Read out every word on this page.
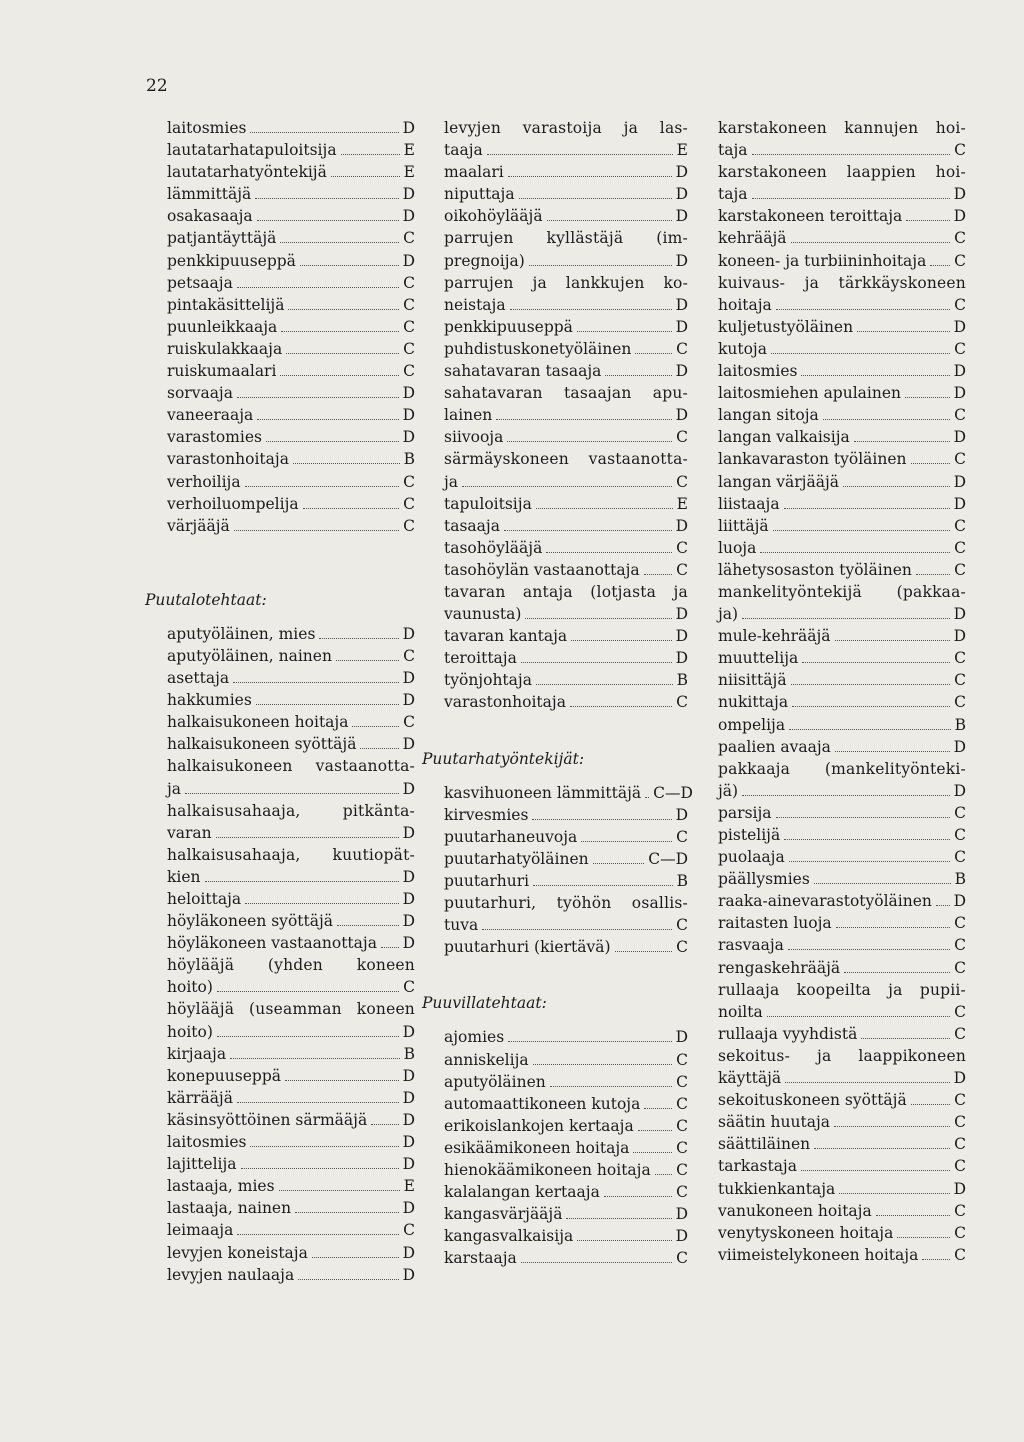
22
laitosmies	D
lautatarhatapuloitsija	E
lautatarhatyöntekijä	E
lämmittäjä	D
osakasaaja	D
patjantäyttäjä	C
penkkipuuseppä	D
petsaaja	C
pintakäsittelijä	C
puunleikkaaja	C
ruiskulakkaaja	C
ruiskumaalari	C
sorvaaja	D
vaneeraaja	D
varastomies	D
varastonhoitaja	B
verhoilija	C
verhoiluompelija	C
värjääjä	C
Puutalotehtaat:
aputyöläinen, mies	D
aputyöläinen, nainen	C
asettaja	D
hakkumies	D
halkaisukoneen hoitaja	C
halkaisukoneen syöttäjä	D
halkaisukoneen vastaanotta-
ja	D
halkaisusahaaja, pitkänta-
varan	D
halkaisusahaaja, kuutiopät-
kien	D
heloittaja	D
höyläkoneen syöttäjä	D
höyläkoneen vastaanottaja D
höylääjä (yhden koneen
hoito)	C
höylääjä (useamman koneen
hoito)	D
kirjaaja	B
konepuuseppä	D
kärrääjä	D
käsinsyöttöinen särmääjä D
laitosmies	D
lajittelija	D
lastaaja, mies	E
lastaaja, nainen	D
leimaaja	C
levyjen koneistaja	D
levyjen naulaaja	D
levyjen varastoija ja las-
taaja	E
maalari	D
niputtaja	D
oikohöylääjä	D
parrujen kyllästäjä (im-
pregnoija)	D
parrujen ja lankkujen ko-
neistaja	D
penkkipuuseppä	D
puhdistuskonetyöläinen	C
sahatavaran tasaaja	D
sahatavaran tasaajan apu-
lainen	D
siivooja	C
särmäyskoneen vastaanotta-
ja	C
tapuloitsija	E
tasaaja	D
tasohöylääjä	C
tasohöylän vastaanottaja C
tavaran antaja (lotjasta ja
vaunusta)	D
tavaran kantaja	D
teroittaja	D
työnjohtaja	B
varastonhoitaja	C
Puutarhatyöntekijät:
kasvihuoneen lämmittäjä C—D
kirvesmies	D
puutarhaneuvoja	C
puutarhatyöläinen	C—D
puutarhuri	B
puutarhuri, työhön osallis-
tuva	C
puutarhuri (kiertävä)	C
Puuvillatehtaat:
ajomies	D
anniskelija	C
aputyöläinen	C
automaattikoneen kutoja C
erikoislankojen kertaaja	C
esikäämikoneen hoitaja	C
hienokäämikoneen hoitaja C
kalalangan kertaaja	C
kangasvärjääjä	D
kangasvalkaisija	D
karstaaja	C
karstakoneen kannujen hoi-
taja	C
karstakoneen laappien hoi-
taja	D
karstakoneen teroittaja	D
kehrääjä	C
koneen- ja turbiininhoitaja C
kuivaus- ja tärkkäyskoneen
hoitaja	C
kuljetustyöläinen	D
kutoja	C
laitosmies	D
laitosmiehen apulainen	D
langan sitoja	C
langan valkaisija	D
lankavaraston työläinen	C
langan värjääjä	D
liistaaja	D
liittäjä	C
luoja	C
lähetysosaston työläinen	C
mankelityöntekijä (pakkaa-
ja)	D
mule-kehrääjä	D
muuttelija	C
niisittäjä	C
nukittaja	C
ompelija	B
paalien avaaja	D
pakkaaja (mankelityönteki-
jä)	D
parsija	C
pistelijä	C
puolaaja	C
päällysmies	B
raaka-ainevarastotyöläinen D
raitasten luoja	C
rasvaaja	C
rengaskehrääjä	C
rullaaja koopeilta ja pupii-
noilta	C
rullaaja vyyhdistä	C
sekoitus- ja laappikoneen
käyttäjä	D
sekoituskoneen syöttäjä	C
säätin huutaja	C
säättiläinen	C
tarkastaja	C
tukkienkantaja	D
vanukoneen hoitaja	C
venytyskoneen hoitaja	C
viimeistelykoneen hoitaja C
